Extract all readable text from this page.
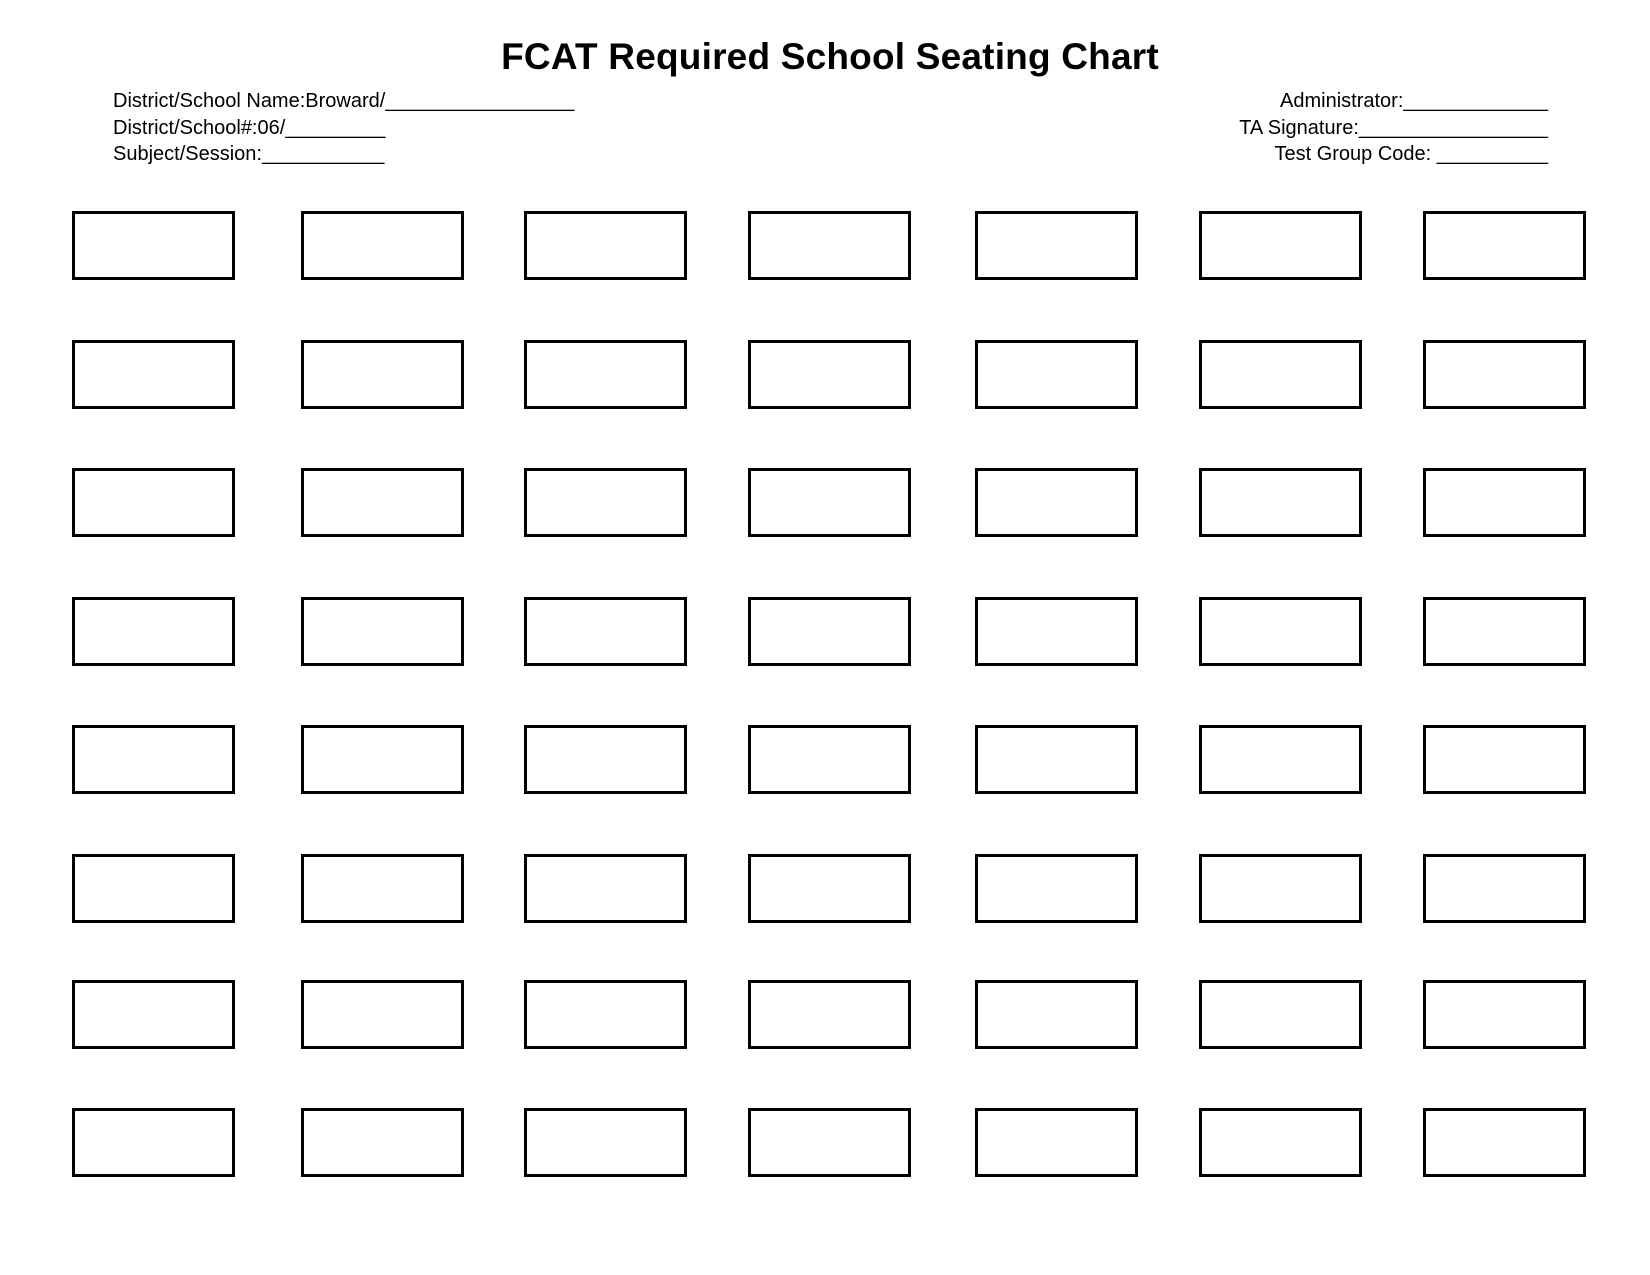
FCAT Required School Seating Chart
District/School Name:Broward/_________________
District/School#:06/_________
Subject/Session:___________
Administrator:_____________
TA Signature:_________________
Test Group Code: __________
